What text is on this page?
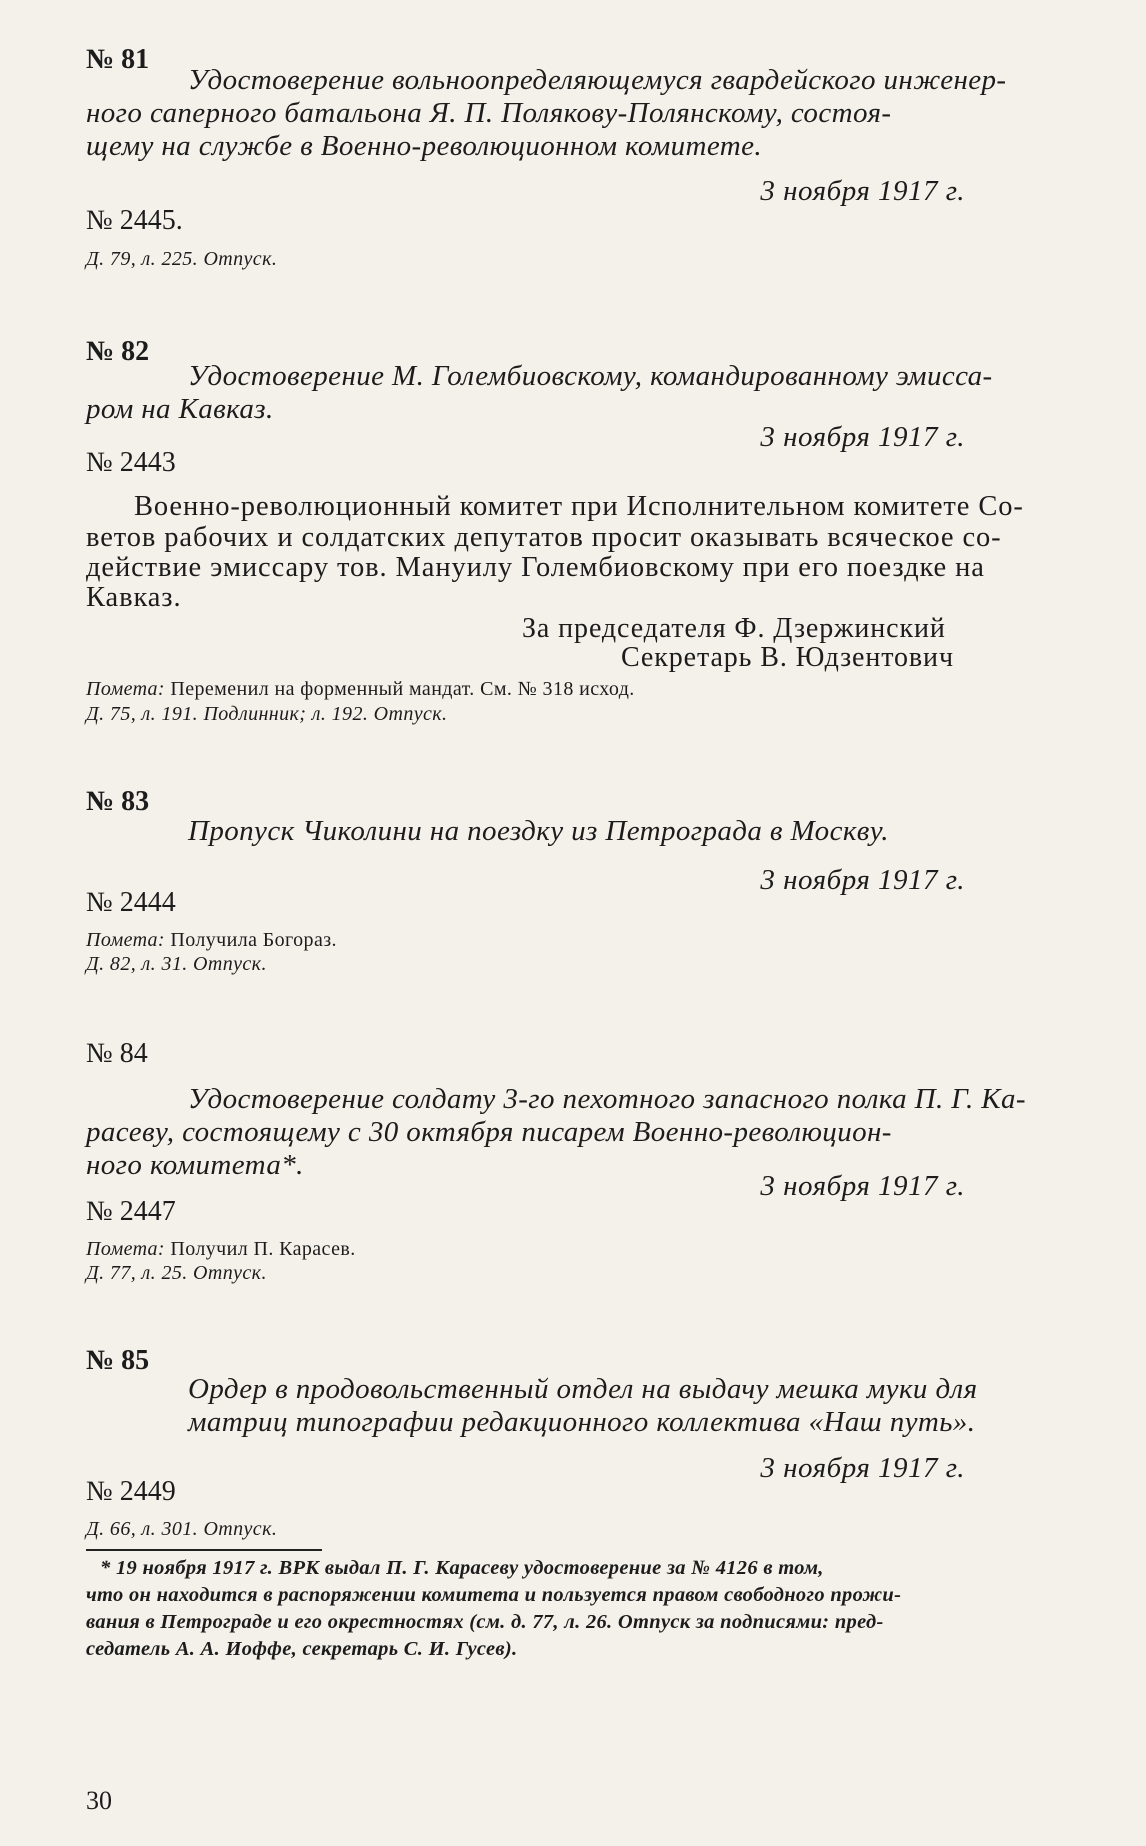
№ 81
Удостоверение вольноопределяющемуся гвардейского инженер-
ного саперного батальона Я. П. Полякову-Полянскому, состоя-
щему на службе в Военно-революционном комитете.
3 ноября 1917 г.
№ 2445.
Д. 79, л. 225. Отпуск.
№ 82
Удостоверение М. Голембиовскому, командированному эмисса-
ром на Кавказ.
3 ноября 1917 г.
№ 2443
Военно-революционный комитет при Исполнительном комитете Со-
ветов рабочих и солдатских депутатов просит оказывать всяческое со-
действие эмиссару тов. Мануилу Голембиовскому при его поездке на
Кавказ.
За председателя Ф. Дзержинский
Секретарь В. Юдзентович
Пометa: Переменил на форменный мандат. См. № 318 исход.
Д. 75, л. 191. Подлинник; л. 192. Отпуск.
№ 83
Пропуск Чиколини на поездку из Петрограда в Москву.
3 ноября 1917 г.
№ 2444
Пометa: Получила Богораз.
Д. 82, л. 31. Отпуск.
№ 84
Удостоверение солдату 3-го пехотного запасного полка П. Г. Ка-
расеву, состоящему с 30 октября писарем Военно-революцион-
ного комитета*.
3 ноября 1917 г.
№ 2447
Пометa: Получил П. Карасев.
Д. 77, л. 25. Отпуск.
№ 85
Ордер в продовольственный отдел на выдачу мешка муки для
матриц типографии редакционного коллектива «Наш путь».
3 ноября 1917 г.
№ 2449
Д. 66, л. 301. Отпуск.
* 19 ноября 1917 г. ВРК выдал П. Г. Карасеву удостоверение за № 4126 в том,
что он находится в распоряжении комитета и пользуется правом свободного прожи-
вания в Петрограде и его окрестностях (см. д. 77, л. 26. Отпуск за подписями: пред-
седатель А. А. Иоффе, секретарь С. И. Гусев).
30
